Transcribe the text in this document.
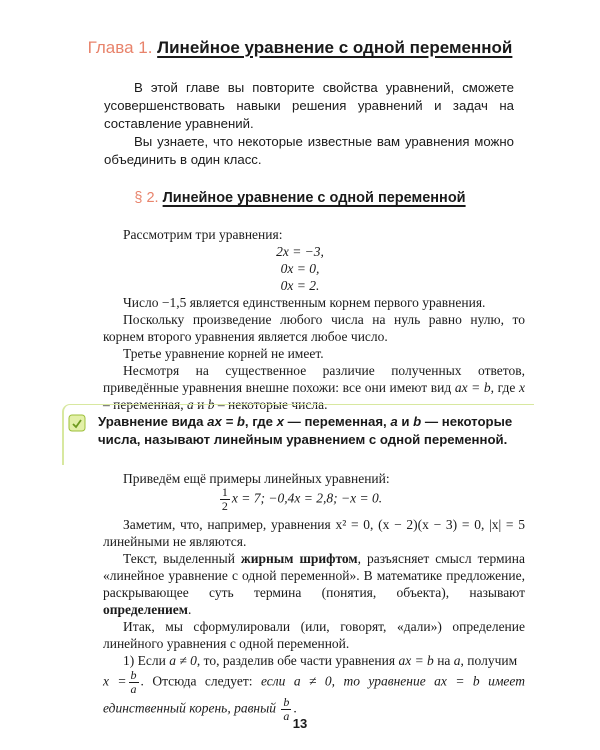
Глава 1. Линейное уравнение с одной переменной

В этой главе вы повторите свойства уравнений, сможете усовершенствовать навыки решения уравнений и задач на составление уравнений.

Вы узнаете, что некоторые известные вам уравнения можно объединить в один класс.

§ 2. Линейное уравнение с одной переменной

Рассмотрим три уравнения:

2x = −3,
0x = 0,
0x = 2.

Число −1,5 является единственным корнем первого уравнения.

Поскольку произведение любого числа на нуль равно нулю, то корнем второго уравнения является любое число.

Третье уравнение корней не имеет.

Несмотря на существенное различие полученных ответов, приведённые уравнения внешне похожи: все они имеют вид ax = b, где x – переменная, a и b – некоторые числа.

Уравнение вида ax = b, где x — переменная, a и b — некоторые числа, называют линейным уравнением с одной переменной.

Приведём ещё примеры линейных уравнений:

$\frac{1}{2}$ x = 7; −0,4x = 2,8; −x = 0.

Заметим, что, например, уравнения x² = 0, (x − 2)(x − 3) = 0, |x| = 5 линейными не являются.

Текст, выделенный жирным шрифтом, разъясняет смысл термина «линейное уравнение с одной переменной». В математике предложение, раскрывающее суть термина (понятия, объекта), называют определением.

Итак, мы сформулировали (или, говорят, «дали») определение линейного уравнения с одной переменной.

1) Если a ≠ 0, то, разделив обе части уравнения ax = b на a, получим

$x = \frac{b}{a}$ . Отсюда следует: если a ≠ 0, то уравнение ax = b имеет единственный корень, равный $\frac{b}{a}$ .

13
